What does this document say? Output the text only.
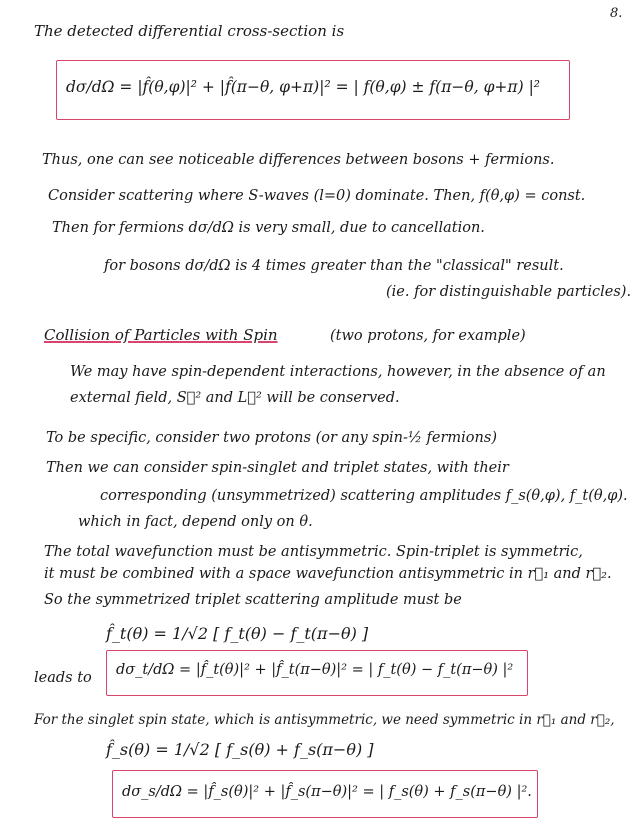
8.
The detected differential cross-section is
dσ/dΩ = |f̂(θ,φ)|² + |f̂(π−θ, φ+π)|² = | f(θ,φ) ± f(π−θ, φ+π) |²
Thus, one can see noticeable differences between bosons + fermions.
Consider scattering where S-waves (l=0) dominate. Then, f(θ,φ) = const.
Then for fermions dσ/dΩ is very small, due to cancellation.
for bosons dσ/dΩ is 4 times greater than the "classical" result.
(ie. for distinguishable particles).
Collision of Particles with Spin	(two protons, for example)
We may have spin-dependent interactions, however, in the absence of an
external field, S⃗² and L⃗² will be conserved.
To be specific, consider two protons (or any spin-½ fermions)
Then we can consider spin-singlet and triplet states, with their
corresponding (unsymmetrized) scattering amplitudes f_s(θ,φ), f_t(θ,φ).
which in fact, depend only on θ.
The total wavefunction must be antisymmetric. Spin-triplet is symmetric,
it must be combined with a space wavefunction antisymmetric in r⃗₁ and r⃗₂.
So the symmetrized triplet scattering amplitude must be
f̂_t(θ) = 1/√2 [ f_t(θ) − f_t(π−θ) ]
leads to dσ_t/dΩ = |f̂_t(θ)|² + |f̂_t(π−θ)|² = | f_t(θ) − f_t(π−θ) |²
For the singlet spin state, which is antisymmetric, we need symmetric in r⃗₁ and r⃗₂,
f̂_s(θ) = 1/√2 [ f_s(θ) + f_s(π−θ) ]
dσ_s/dΩ = |f̂_s(θ)|² + |f̂_s(π−θ)|² = | f_s(θ) + f_s(π−θ) |².
